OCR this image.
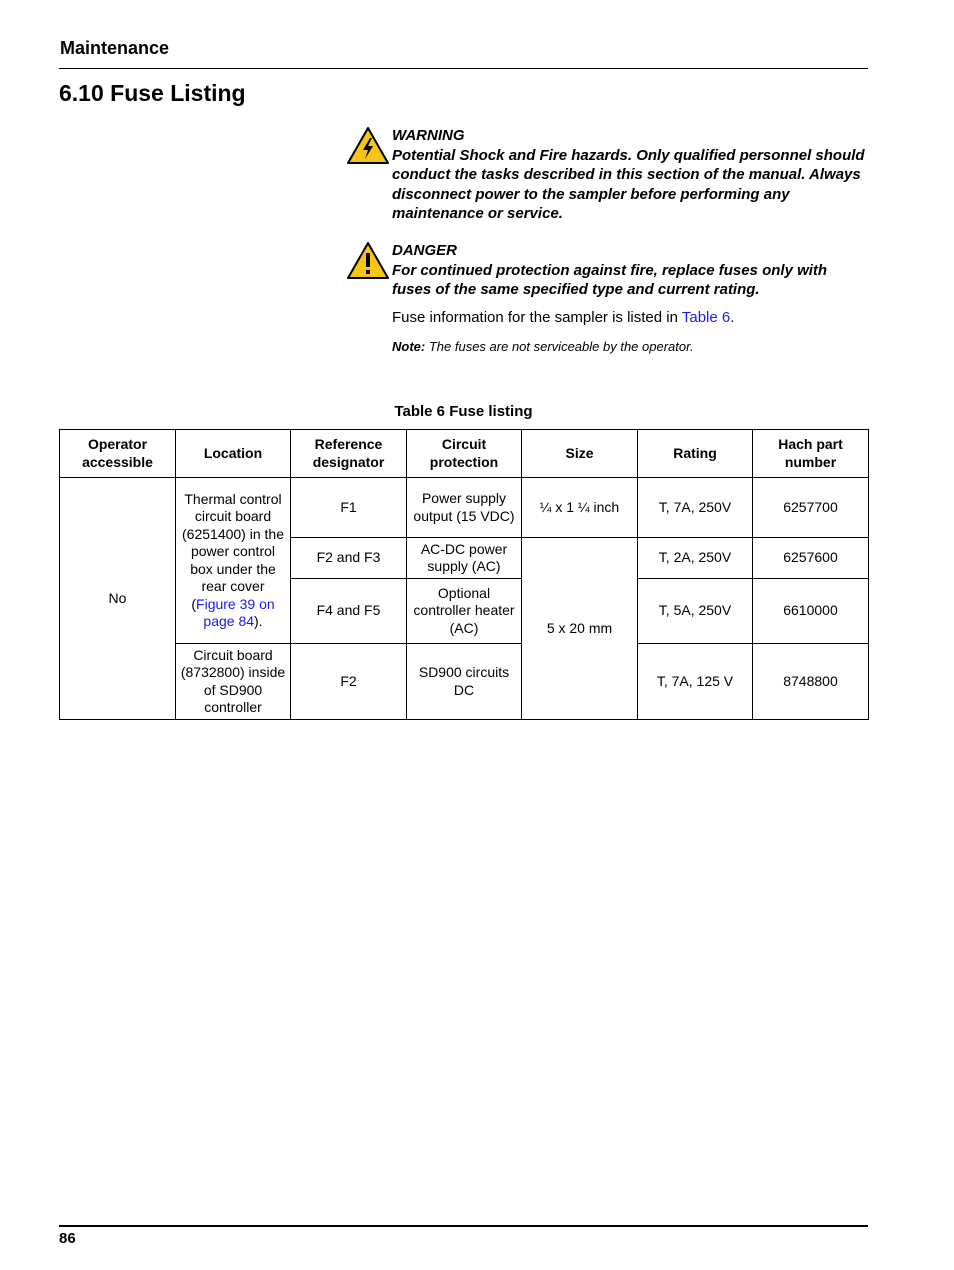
Maintenance
6.10 Fuse Listing
WARNING
Potential Shock and Fire hazards. Only qualified personnel should conduct the tasks described in this section of the manual. Always disconnect power to the sampler before performing any maintenance or service.
DANGER
For continued protection against fire, replace fuses only with fuses of the same specified type and current rating.
Fuse information for the sampler is listed in Table 6.
Note: The fuses are not serviceable by the operator.
Table 6 Fuse listing
Operator accessible	Location	Reference designator	Circuit protection	Size	Rating	Hach part number
No	Thermal control circuit board (6251400) in the power control box under the rear cover (Figure 39 on page 84).	F1	Power supply output (15 VDC)	¼ x 1 ¼ inch	T, 7A, 250V	6257700
		F2 and F3	AC-DC power supply (AC)	5 x 20 mm	T, 2A, 250V	6257600
		F4 and F5	Optional controller heater (AC)		T, 5A, 250V	6610000
	Circuit board (8732800) inside of SD900 controller	F2	SD900 circuits DC		T, 7A, 125 V	8748800
86
